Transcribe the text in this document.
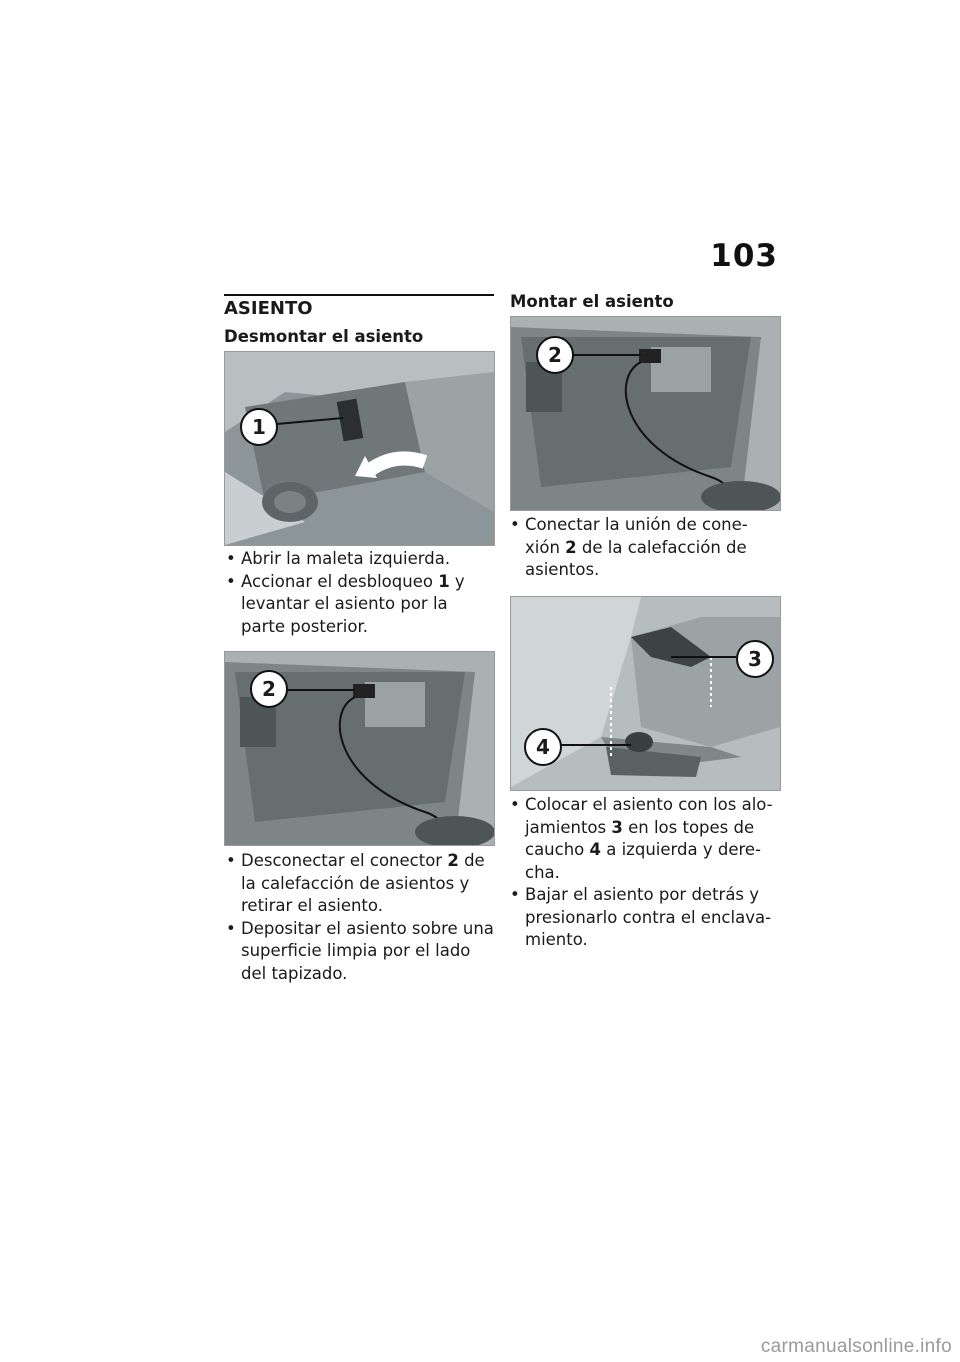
103
ASIENTO
Desmontar el asiento
1
• Abrir la maleta izquierda.
• Accionar el desbloqueo 1 y levantar el asiento por la parte posterior.
2
• Desconectar el conector 2 de la calefacción de asientos y retirar el asiento.
• Depositar el asiento sobre una superficie limpia por el lado del tapizado.
Montar el asiento
2
• Conectar la unión de cone-xión 2 de la calefacción de asientos.
3
4
• Colocar el asiento con los alo-jamientos 3 en los topes de caucho 4 a izquierda y dere-cha.
• Bajar el asiento por detrás y presionarlo contra el enclava-miento.
carmanualsonline.info
